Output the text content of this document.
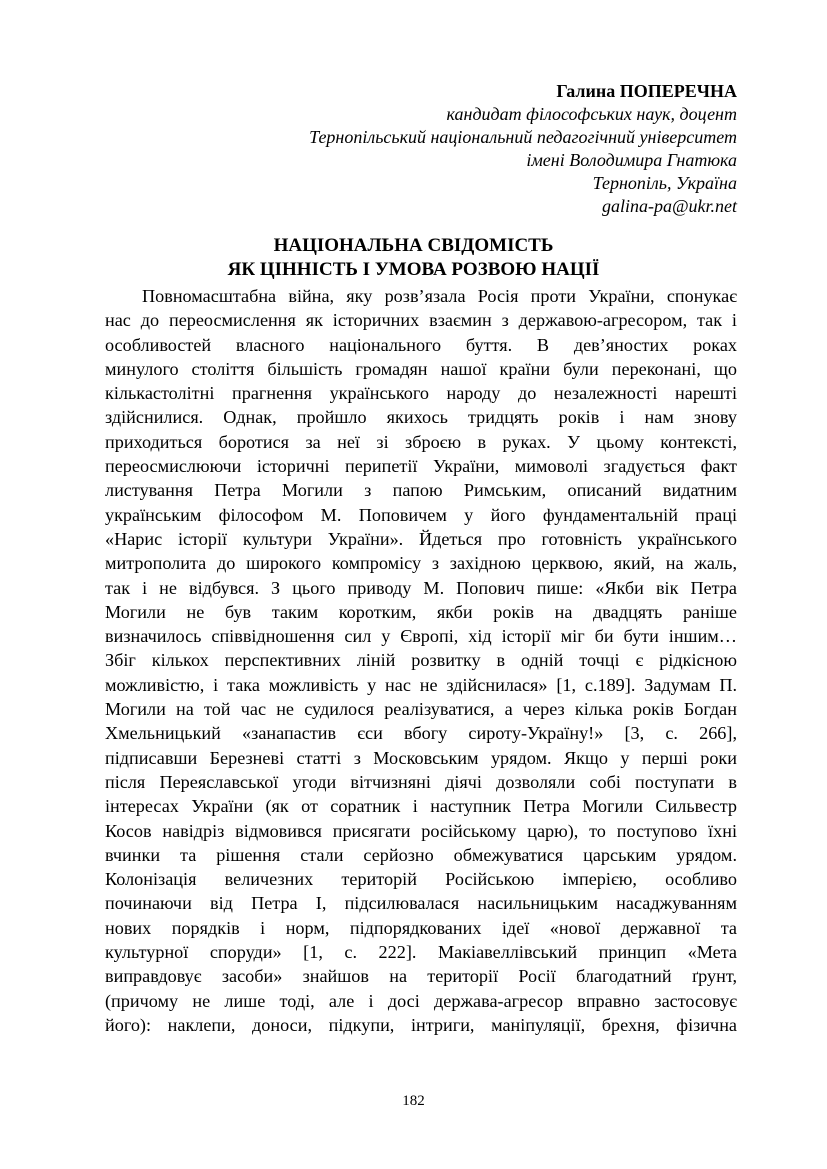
Галина ПОПЕРЕЧНА
кандидат філософських наук, доцент
Тернопільський національний педагогічний університет
імені Володимира Гнатюка
Тернопіль, Україна
galina-pa@ukr.net
НАЦІОНАЛЬНА СВІДОМІСТЬ
ЯК ЦІННІСТЬ І УМОВА РОЗВОЮ НАЦІЇ
Повномасштабна війна, яку розв’язала Росія проти України, спонукає
нас до переосмислення як історичних взаємин з державою-агресором, так і
особливостей власного національного буття. В дев’яностих роках
минулого століття більшість громадян нашої країни були переконані, що
кількастолітні прагнення українського народу до незалежності нарешті
здійснилися. Однак, пройшло якихось тридцять років і нам знову
приходиться боротися за неї зі зброєю в руках. У цьому контексті,
переосмислюючи історичні перипетії України, мимоволі згадується факт
листування Петра Могили з папою Римським, описаний видатним
українським філософом М. Поповичем у його фундаментальній праці
«Нарис історії культури України». Йдеться про готовність українського
митрополита до широкого компромісу з західною церквою, який, на жаль,
так і не відбувся. З цього приводу М. Попович пише: «Якби вік Петра
Могили не був таким коротким, якби років на двадцять раніше
визначилось співвідношення сил у Європі, хід історії міг би бути іншим…
Збіг кількох перспективних ліній розвитку в одній точці є рідкісною
можливістю, і така можливість у нас не здійснилася» [1, с.189]. Задумам П.
Могили на той час не судилося реалізуватися, а через кілька років Богдан
Хмельницький «занапастив єси вбогу сироту-Україну!» [3, с. 266],
підписавши Березневі статті з Московським урядом. Якщо у перші роки
після Переяславської угоди вітчизняні діячі дозволяли собі поступати в
інтересах України (як от соратник і наступник Петра Могили Сильвестр
Косов навідріз відмовився присягати російському царю), то поступово їхні
вчинки та рішення стали серйозно обмежуватися царським урядом.
Колонізація величезних територій Російською імперією, особливо
починаючи від Петра І, підсилювалася насильницьким насаджуванням
нових порядків і норм, підпорядкованих ідеї «нової державної та
культурної споруди» [1, с. 222]. Макіавеллівський принцип «Мета
виправдовує засоби» знайшов на території Росії благодатний ґрунт,
(причому не лише тоді, але і досі держава-агресор вправно застосовує
його): наклепи, доноси, підкупи, інтриги, маніпуляції, брехня, фізична
182
